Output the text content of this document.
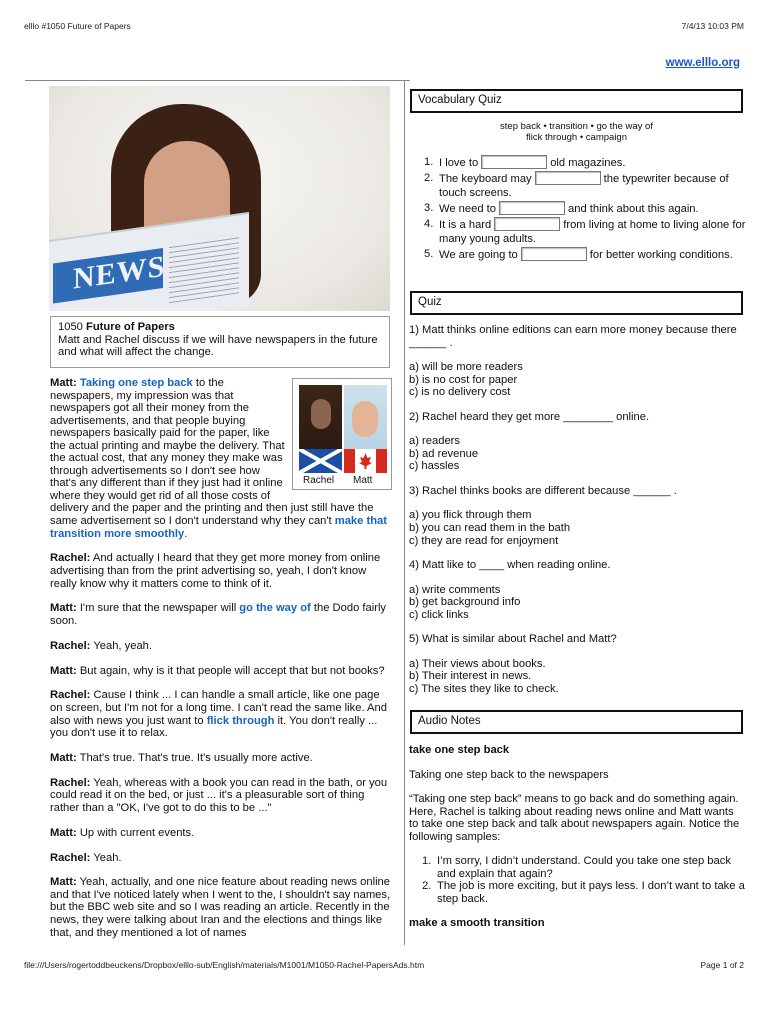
elllo #1050 Future of Papers	7/4/13 10:03 PM
www.elllo.org
NEWS
1050 Future of Papers
Matt and Rachel discuss if we will have newspapers in the future and what will affect the change.
Rachel Matt

Matt: Taking one step back to the newspapers, my impression was that newspapers got all their money from the advertisements, and that people buying newspapers basically paid for the paper, like the actual printing and maybe the delivery. That the actual cost, that any money they make was through advertisements so I don't see how that's any different than if they just had it online where they would get rid of all those costs of delivery and the paper and the printing and then just still have the same advertisement so I don't understand why they can't make that transition more smoothly.

Rachel: And actually I heard that they get more money from online advertising than from the print advertising so, yeah, I don't know really know why it matters come to think of it.

Matt: I'm sure that the newspaper will go the way of the Dodo fairly soon.

Rachel: Yeah, yeah.

Matt: But again, why is it that people will accept that but not books?

Rachel: Cause I think ... I can handle a small article, like one page on screen, but I'm not for a long time. I can't read the same like. And also with news you just want to flick through it. You don't really ... you don't use it to relax.

Matt: That's true. That's true. It's usually more active.

Rachel: Yeah, whereas with a book you can read in the bath, or you could read it on the bed, or just ... it's a pleasurable sort of thing rather than a "OK, I've got to do this to be ..."

Matt: Up with current events.

Rachel: Yeah.

Matt: Yeah, actually, and one nice feature about reading news online and that I've noticed lately when I went to the, I shouldn't say names, but the BBC web site and so I was reading an article. Recently in the news, they were talking about Iran and the elections and things like that, and they mentioned a lot of names

Vocabulary Quiz
step back • transition • go the way of
flick through • campaign
1. I love to	old magazines.
2. The keyboard may	the typewriter because of touch screens.
3. We need to	and think about this again.
4. It is a hard	from living at home to living alone for many young adults.
5. We are going to	for better working conditions.
Quiz
1) Matt thinks online editions can earn more money because there ______ .
a) will be more readers
b) is no cost for paper
c) is no delivery cost
2) Rachel heard they get more ________ online.
a) readers
b) ad revenue
c) hassles
3) Rachel thinks books are different because ______ .
a) you flick through them
b) you can read them in the bath
c) they are read for enjoyment
4) Matt like to ____ when reading online.
a) write comments
b) get background info
c) click links
5) What is similar about Rachel and Matt?
a) Their views about books.
b) Their interest in news.
c) The sites they like to check.
Audio Notes
take one step back
Taking one step back to the newspapers
“Taking one step back” means to go back and do something again. Here, Rachel is talking about reading news online and Matt wants to take one step back and talk about newspapers again. Notice the following samples:
1. I’m sorry, I didn’t understand. Could you take one step back and explain that again?
2. The job is more exciting, but it pays less. I don’t want to take a step back.
make a smooth transition
file:///Users/rogertoddbeuckens/Dropbox/elllo-sub/English/materials/M1001/M1050-Rachel-PapersAds.htm	Page 1 of 2
